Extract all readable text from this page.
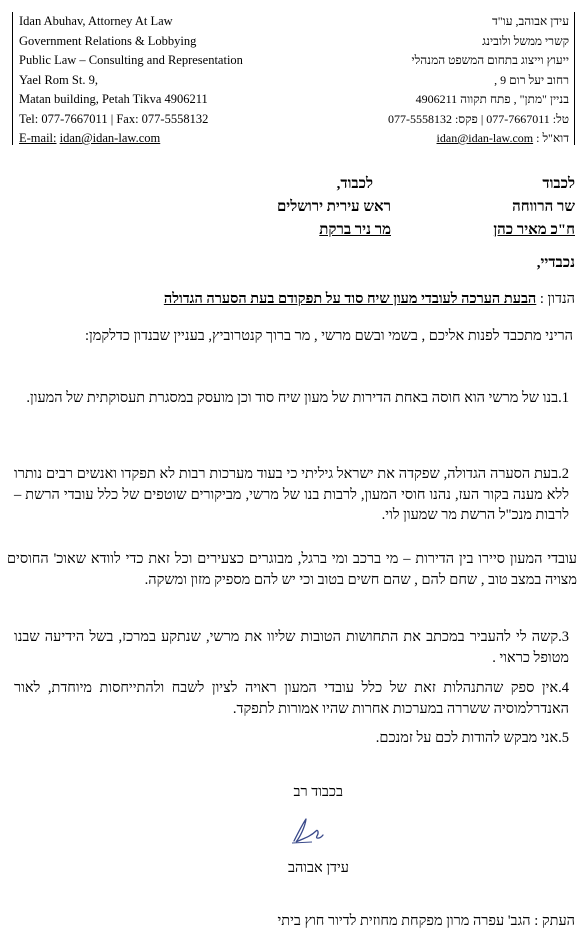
Idan Abuhav, Attorney At Law
Government Relations & Lobbying
Public Law – Consulting and Representation
Yael Rom St. 9,
Matan building, Petah Tikva 4906211
Tel: 077-7667011 | Fax: 077-5558132
E-mail: idan@idan-law.com
עידן אבוהב, עו"ד
קשרי ממשל ולובינג
ייעוץ וייצוג בתחום המשפט המנהלי
רחוב יעל רום 9 ,
בניין "מתן" , פתח תקווה 4906211
טל: 077-7667011 | פקס: 077-5558132
דוא"ל : idan@idan-law.com
לכבוד
שר הרווחה
ח"כ מאיר כהן
לכבוד,
ראש עירית ירושלים
מר ניר ברקת
נכבדיי,
הנדון : הבעת הערכה לעובדי מעון שיח סוד על תפקודם בעת הסערה הגדולה
הריני מתכבד לפנות אליכם , בשמי ובשם מרשי , מר ברוך קנטרוביץ, בעניין שבנדון כדלקמן:
1.בנו של מרשי הוא חוסה באחת הדירות של מעון שיח סוד וכן מועסק במסגרת תעסוקתית של המעון.
2.בעת הסערה הגדולה, שפקדה את ישראל גיליתי כי בעוד מערכות רבות לא תפקדו ואנשים רבים נותרו ללא מענה בקור העז, נהנו חוסי המעון, לרבות בנו של מרשי, מביקורים שוטפים של כלל עובדי הרשת – לרבות מנכ"ל הרשת מר שמעון לוי.
עובדי המעון סיירו בין הדירות – מי ברכב ומי ברגל, מבוגרים כצעירים וכל זאת כדי לוודא שאוכ' החוסים מצויה במצב טוב , שחם להם , שהם חשים בטוב וכי יש להם מספיק מזון ומשקה.
3.קשה לי להעביר במכתב את התחושות הטובות שליוו את מרשי, שנתקע במרכז, בשל הידיעה שבנו מטופל כראוי .
4.אין ספק שהתנהלות זאת של כלל עובדי המעון ראויה לציון לשבח ולהתייחסות מיוחדת, לאור האנדרלמוסיה ששררה במערכות אחרות שהיו אמורות לתפקד.
5.אני מבקש להודות לכם על זמנכם.
בכבוד רב
עידן אבוהב
העתק : הגב' עפרה מרון מפקחת מחוזית לדיור חוץ ביתי
